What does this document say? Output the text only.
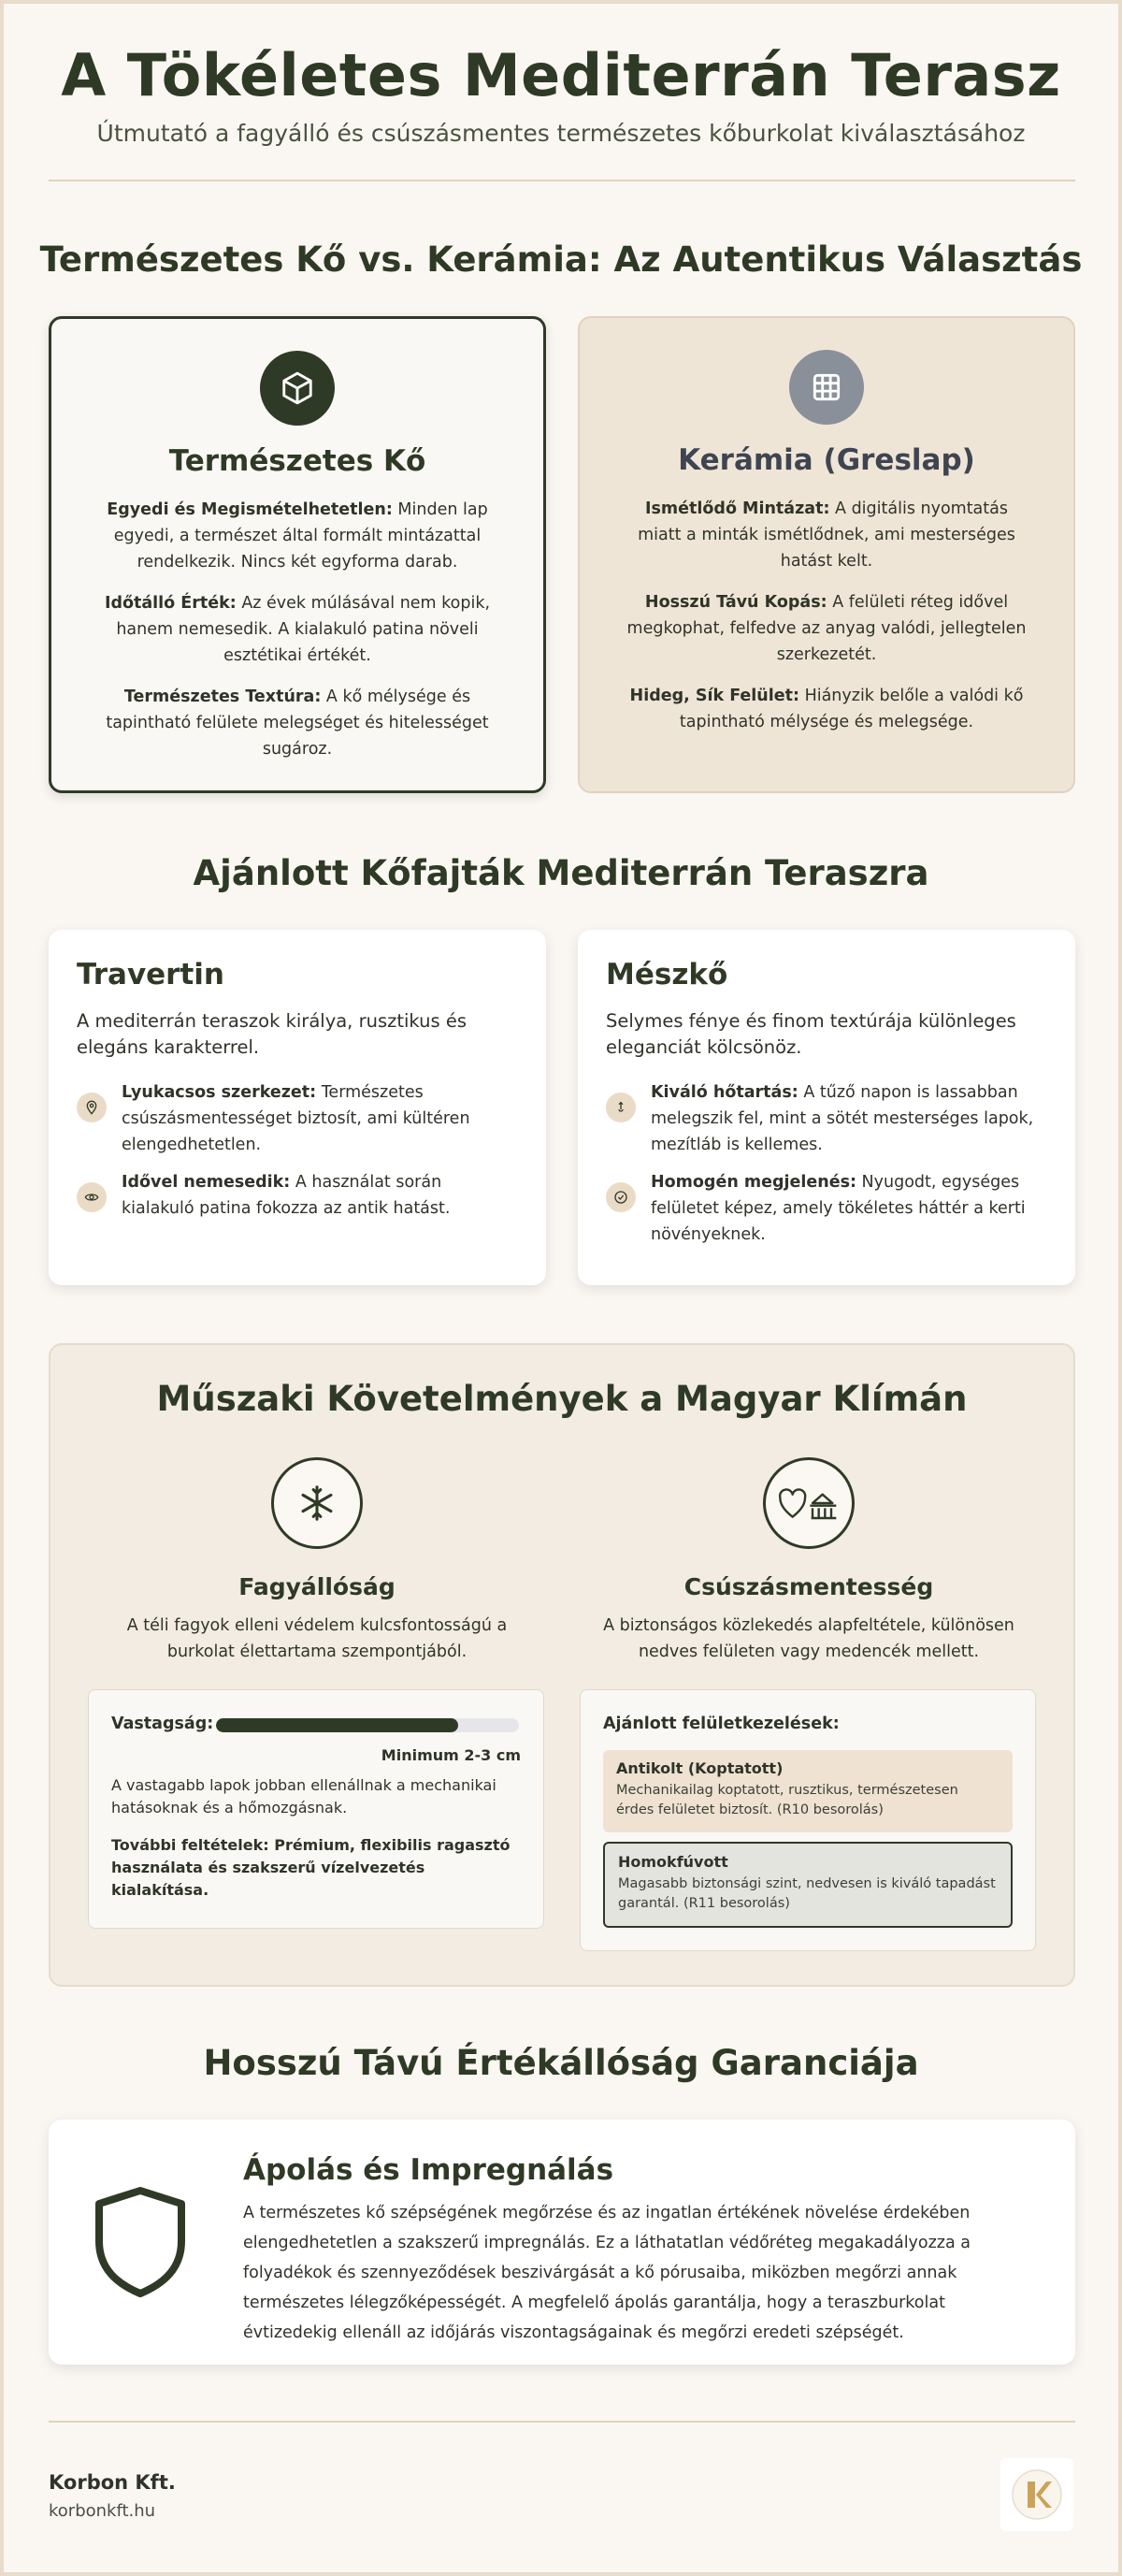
A Tökéletes Mediterrán Terasz
Útmutató a fagyálló és csúszásmentes természetes kőburkolat kiválasztásához
Természetes Kő vs. Kerámia: Az Autentikus Választás
Természetes Kő

Egyedi és Megismételhetetlen: Minden lap egyedi, a természet által formált mintázattal rendelkezik. Nincs két egyforma darab.

Időtálló Érték: Az évek múlásával nem kopik, hanem nemesedik. A kialakuló patina növeli esztétikai értékét.

Természetes Textúra: A kő mélysége és tapintható felülete melegséget és hitelességet sugároz.

Kerámia (Greslap)

Ismétlődő Mintázat: A digitális nyomtatás miatt a minták ismétlődnek, ami mesterséges hatást kelt.

Hosszú Távú Kopás: A felületi réteg idővel megkophat, felfedve az anyag valódi, jellegtelen szerkezetét.

Hideg, Sík Felület: Hiányzik belőle a valódi kő tapintható mélysége és melegsége.

Ajánlott Kőfajták Mediterrán Teraszra
Travertin
A mediterrán teraszok királya, rusztikus és elegáns karakterrel.
Lyukacsos szerkezet: Természetes csúszásmentességet biztosít, ami kültéren elengedhetetlen.
Idővel nemesedik: A használat során kialakuló patina fokozza az antik hatást.
Mészkő
Selymes fénye és finom textúrája különleges eleganciát kölcsönöz.
Kiváló hőtartás: A tűző napon is lassabban melegszik fel, mint a sötét mesterséges lapok, mezítláb is kellemes.
Homogén megjelenés: Nyugodt, egységes felületet képez, amely tökéletes háttér a kerti növényeknek.
Műszaki Követelmények a Magyar Klímán
Fagyállóság
A téli fagyok elleni védelem kulcsfontosságú a burkolat élettartama szempontjából.
Vastagság:
Minimum 2-3 cm
A vastagabb lapok jobban ellenállnak a mechanikai hatásoknak és a hőmozgásnak.
További feltételek: Prémium, flexibilis ragasztó használata és szakszerű vízelvezetés kialakítása.
Csúszásmentesség
A biztonságos közlekedés alapfeltétele, különösen nedves felületen vagy medencék mellett.
Ajánlott felületkezelések:
Antikolt (Koptatott)
Mechanikailag koptatott, rusztikus, természetesen érdes felületet biztosít. (R10 besorolás)
Homokfúvott
Magasabb biztonsági szint, nedvesen is kiváló tapadást garantál. (R11 besorolás)
Hosszú Távú Értékállóság Garanciája
Ápolás és Impregnálás
A természetes kő szépségének megőrzése és az ingatlan értékének növelése érdekében elengedhetetlen a szakszerű impregnálás. Ez a láthatatlan védőréteg megakadályozza a folyadékok és szennyeződések beszivárgását a kő pórusaiba, miközben megőrzi annak természetes lélegzőképességét. A megfelelő ápolás garantálja, hogy a teraszburkolat évtizedekig ellenáll az időjárás viszontagságainak és megőrzi eredeti szépségét.
Korbon Kft.
korbonkft.hu
